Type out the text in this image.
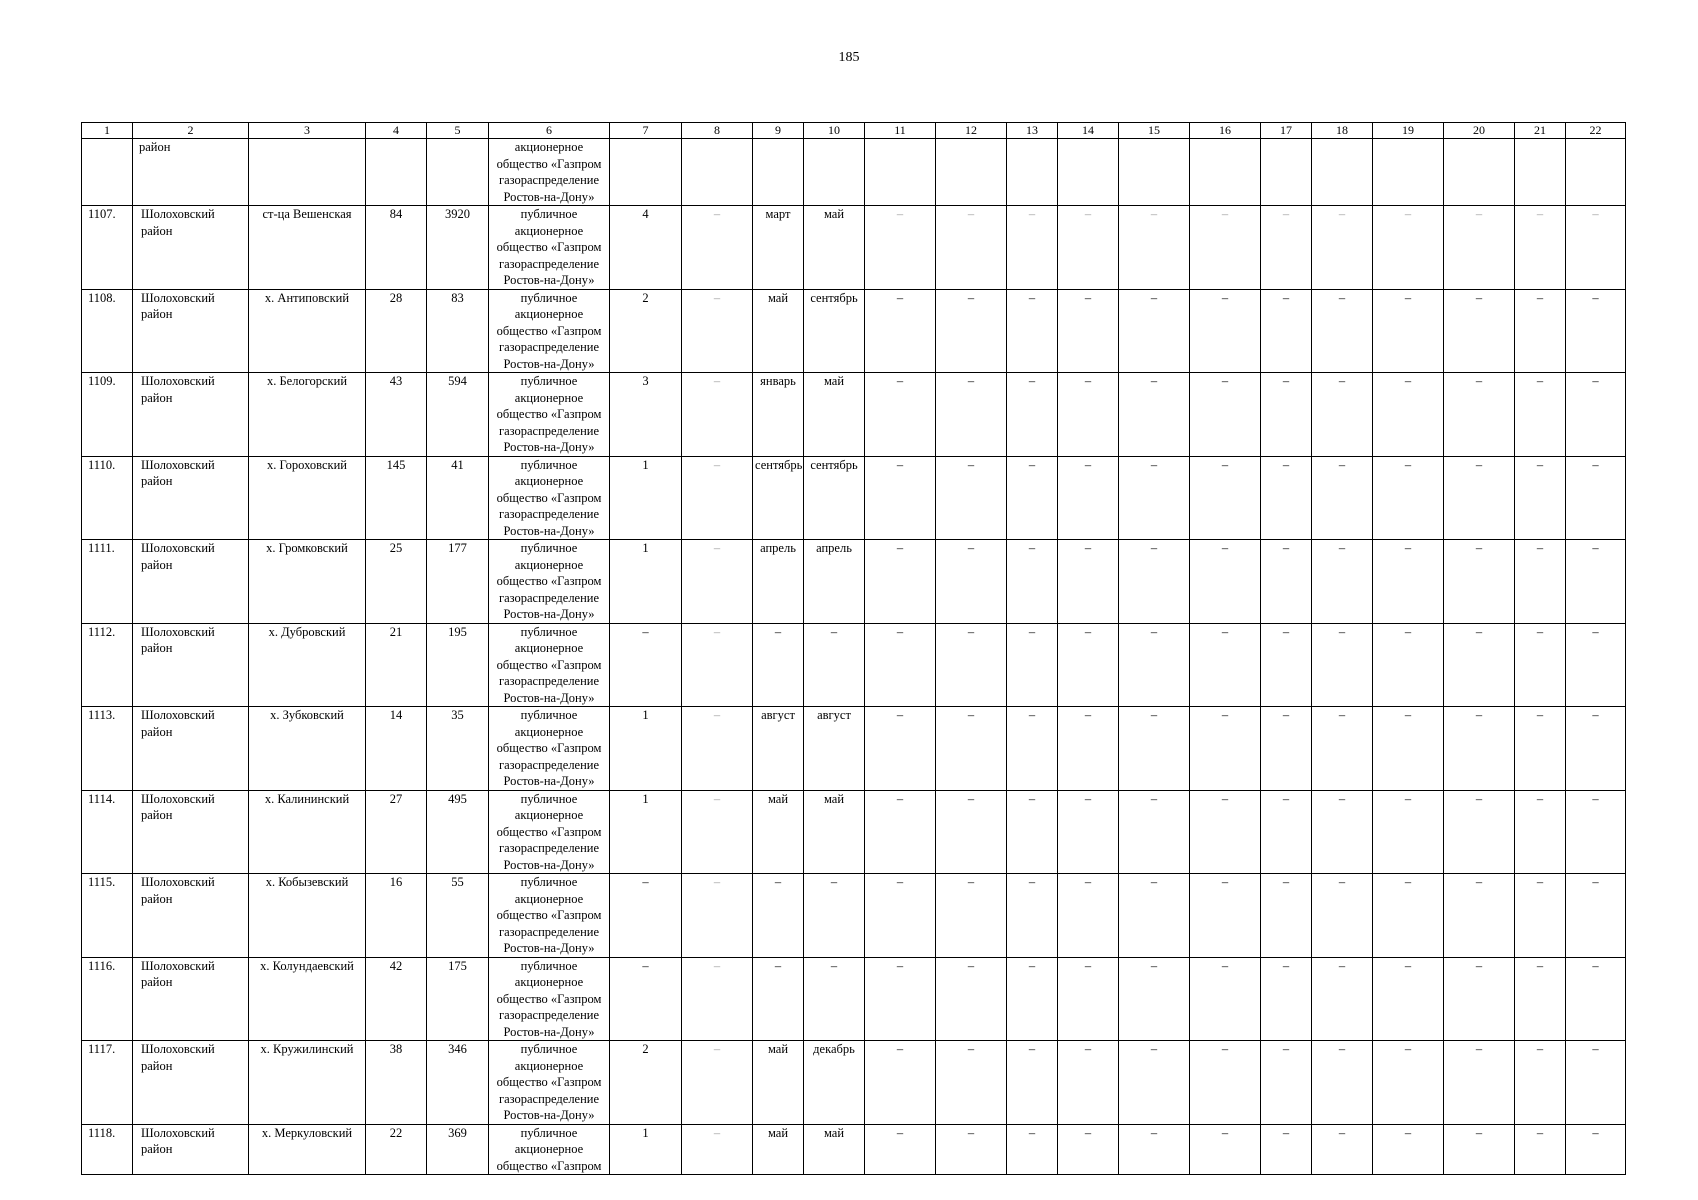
185
1	2	3	4	5	6	7	8	9	10	11	12	13	14	15	16	17	18	19	20	21	22
	район				акционерное
общество «Газпром
газораспределение
Ростов-на-Дону»																
1107.	Шолоховский
район	ст-ца Вешенская	84	3920	публичное
акционерное
общество «Газпром
газораспределение
Ростов-на-Дону»	4	–	март	май	–	–	–	–	–	–	–	–	–	–	–	–
1108.	Шолоховский
район	х. Антиповский	28	83	публичное
акционерное
общество «Газпром
газораспределение
Ростов-на-Дону»	2	–	май	сентябрь	–	–	–	–	–	–	–	–	–	–	–	–
1109.	Шолоховский
район	х. Белогорский	43	594	публичное
акционерное
общество «Газпром
газораспределение
Ростов-на-Дону»	3	–	январь	май	–	–	–	–	–	–	–	–	–	–	–	–
1110.	Шолоховский
район	х. Гороховский	145	41	публичное
акционерное
общество «Газпром
газораспределение
Ростов-на-Дону»	1	–	сентябрь	сентябрь	–	–	–	–	–	–	–	–	–	–	–	–
1111.	Шолоховский
район	х. Громковский	25	177	публичное
акционерное
общество «Газпром
газораспределение
Ростов-на-Дону»	1	–	апрель	апрель	–	–	–	–	–	–	–	–	–	–	–	–
1112.	Шолоховский
район	х. Дубровский	21	195	публичное
акционерное
общество «Газпром
газораспределение
Ростов-на-Дону»	–	–	–	–	–	–	–	–	–	–	–	–	–	–	–	–
1113.	Шолоховский
район	х. Зубковский	14	35	публичное
акционерное
общество «Газпром
газораспределение
Ростов-на-Дону»	1	–	август	август	–	–	–	–	–	–	–	–	–	–	–	–
1114.	Шолоховский
район	х. Калининский	27	495	публичное
акционерное
общество «Газпром
газораспределение
Ростов-на-Дону»	1	–	май	май	–	–	–	–	–	–	–	–	–	–	–	–
1115.	Шолоховский
район	х. Кобызевский	16	55	публичное
акционерное
общество «Газпром
газораспределение
Ростов-на-Дону»	–	–	–	–	–	–	–	–	–	–	–	–	–	–	–	–
1116.	Шолоховский
район	х. Колундаевский	42	175	публичное
акционерное
общество «Газпром
газораспределение
Ростов-на-Дону»	–	–	–	–	–	–	–	–	–	–	–	–	–	–	–	–
1117.	Шолоховский
район	х. Кружилинский	38	346	публичное
акционерное
общество «Газпром
газораспределение
Ростов-на-Дону»	2	–	май	декабрь	–	–	–	–	–	–	–	–	–	–	–	–
1118.	Шолоховский
район	х. Меркуловский	22	369	публичное
акционерное
общество «Газпром	1	–	май	май	–	–	–	–	–	–	–	–	–	–	–	–
